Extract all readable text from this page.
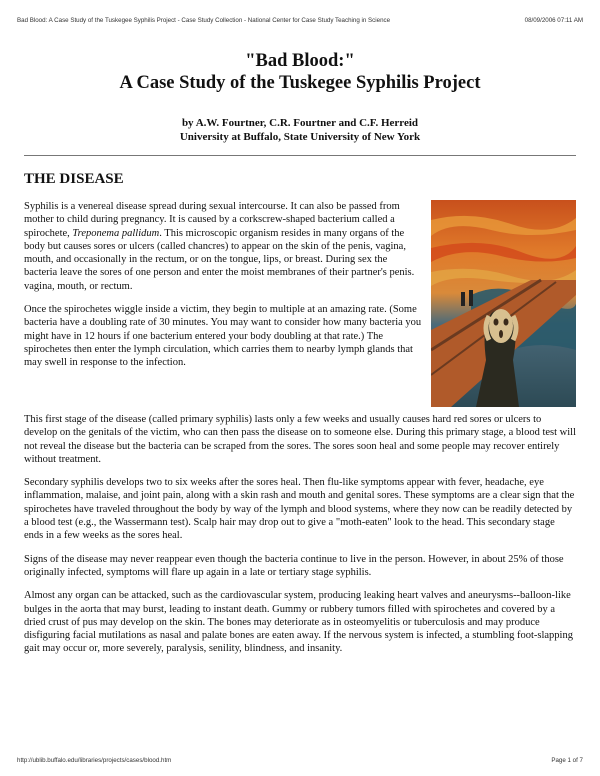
Bad Blood: A Case Study of the Tuskegee Syphilis Project - Case Study Collection - National Center for Case Study Teaching in Science	08/09/2006 07:11 AM
"Bad Blood:"
A Case Study of the Tuskegee Syphilis Project
by A.W. Fourtner, C.R. Fourtner and C.F. Herreid
University at Buffalo, State University of New York
THE DISEASE

Syphilis is a venereal disease spread during sexual intercourse. It can also be passed from mother to child during pregnancy. It is caused by a corkscrew-shaped bacterium called a spirochete, Treponema pallidum. This microscopic organism resides in many organs of the body but causes sores or ulcers (called chancres) to appear on the skin of the penis, vagina, mouth, and occasionally in the rectum, or on the tongue, lips, or breast. During sex the bacteria leave the sores of one person and enter the moist membranes of their partner's penis. vagina, mouth, or rectum.

Once the spirochetes wiggle inside a victim, they begin to multiple at an amazing rate. (Some bacteria have a doubling rate of 30 minutes. You may want to consider how many bacteria you might have in 12 hours if one bacterium entered your body doubling at that rate.) The spirochetes then enter the lymph circulation, which carries them to nearby lymph glands that may swell in response to the infection.

This first stage of the disease (called primary syphilis) lasts only a few weeks and usually causes hard red sores or ulcers to develop on the genitals of the victim, who can then pass the disease on to someone else. During this primary stage, a blood test will not reveal the disease but the bacteria can be scraped from the sores. The sores soon heal and some people may recover entirely without treatment.

Secondary syphilis develops two to six weeks after the sores heal. Then flu-like symptoms appear with fever, headache, eye inflammation, malaise, and joint pain, along with a skin rash and mouth and genital sores. These symptoms are a clear sign that the spirochetes have traveled throughout the body by way of the lymph and blood systems, where they now can be readily detected by a blood test (e.g., the Wassermann test). Scalp hair may drop out to give a "moth-eaten" look to the head. This secondary stage ends in a few weeks as the sores heal.

Signs of the disease may never reappear even though the bacteria continue to live in the person. However, in about 25% of those originally infected, symptoms will flare up again in a late or tertiary stage syphilis.

Almost any organ can be attacked, such as the cardiovascular system, producing leaking heart valves and aneurysms--balloon-like bulges in the aorta that may burst, leading to instant death. Gummy or rubbery tumors filled with spirochetes and covered by a dried crust of pus may develop on the skin. The bones may deteriorate as in osteomyelitis or tuberculosis and may produce disfiguring facial mutilations as nasal and palate bones are eaten away. If the nervous system is infected, a stumbling foot-slapping gait may occur or, more severely, paralysis, senility, blindness, and insanity.

http://ublib.buffalo.edu/libraries/projects/cases/blood.htm	Page 1 of 7
